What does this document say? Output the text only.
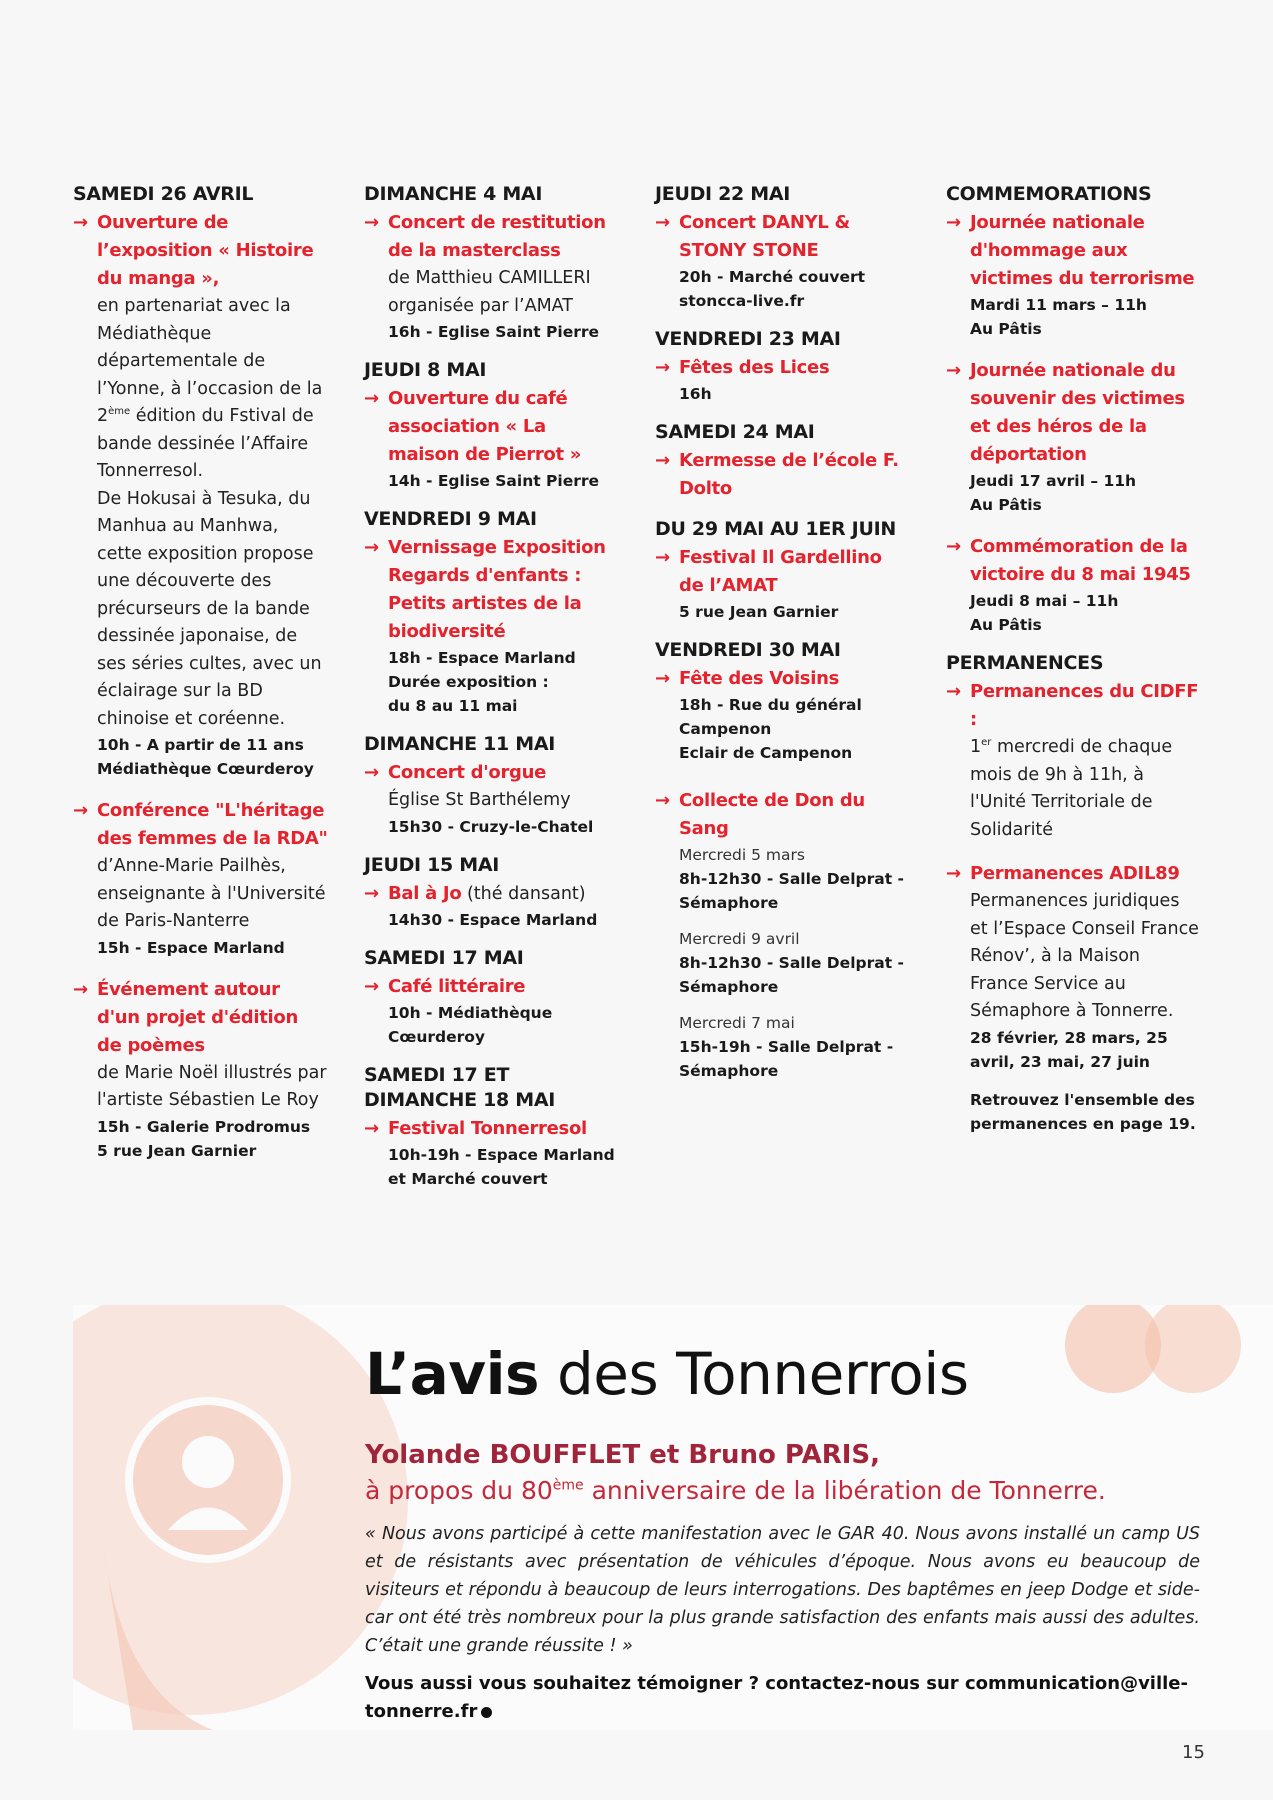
SAMEDI 26 AVRIL
→ Ouverture de l’exposition « Histoire du manga »,
en partenariat avec la Médiathèque départementale de l’Yonne, à l’occasion de la 2ème édition du Fstival de bande dessinée l’Affaire Tonnerresol.
De Hokusai à Tesuka, du Manhua au Manhwa, cette exposition propose une découverte des précurseurs de la bande dessinée japonaise, de ses séries cultes, avec un éclairage sur la BD chinoise et coréenne.
10h - A partir de 11 ans
Médiathèque Cœurderoy
→ Conférence "L'héritage des femmes de la RDA"
d’Anne-Marie Pailhès, enseignante à l'Université de Paris-Nanterre
15h - Espace Marland
→ Événement autour d'un projet d'édition de poèmes
de Marie Noël illustrés par l'artiste Sébastien Le Roy
15h - Galerie Prodromus
5 rue Jean Garnier
DIMANCHE 4 MAI
→ Concert de restitution de la masterclass
de Matthieu CAMILLERI organisée par l’AMAT
16h - Eglise Saint Pierre
JEUDI 8 MAI
→ Ouverture du café association « La maison de Pierrot »
14h - Eglise Saint Pierre
VENDREDI 9 MAI
→ Vernissage Exposition Regards d'enfants : Petits artistes de la biodiversité
18h - Espace Marland
Durée exposition :
du 8 au 11 mai
DIMANCHE 11 MAI
→ Concert d'orgue
Église St Barthélemy
15h30 - Cruzy-le-Chatel
JEUDI 15 MAI
→ Bal à Jo (thé dansant)
14h30 - Espace Marland
SAMEDI 17 MAI
→ Café littéraire
10h - Médiathèque
Cœurderoy
SAMEDI 17 ET DIMANCHE 18 MAI
→ Festival Tonnerresol
10h-19h - Espace Marland
et Marché couvert
JEUDI 22 MAI
→ Concert DANYL & STONY STONE
20h - Marché couvert
stoncca-live.fr
VENDREDI 23 MAI
→ Fêtes des Lices
16h
SAMEDI 24 MAI
→ Kermesse de l’école F. Dolto
DU 29 MAI AU 1ER JUIN
→ Festival Il Gardellino de l’AMAT
5 rue Jean Garnier
VENDREDI 30 MAI
→ Fête des Voisins
18h - Rue du général Campenon
Eclair de Campenon
→ Collecte de Don du Sang
Mercredi 5 mars
8h-12h30 - Salle Delprat - Sémaphore
Mercredi 9 avril
8h-12h30 - Salle Delprat - Sémaphore
Mercredi 7 mai
15h-19h - Salle Delprat - Sémaphore
COMMEMORATIONS
→ Journée nationale d'hommage aux victimes du terrorisme
Mardi 11 mars – 11h
Au Pâtis
→ Journée nationale du souvenir des victimes et des héros de la déportation
Jeudi 17 avril – 11h
Au Pâtis
→ Commémoration de la victoire du 8 mai 1945
Jeudi 8 mai – 11h
Au Pâtis
PERMANENCES
→ Permanences du CIDFF :
1er mercredi de chaque mois de 9h à 11h, à l'Unité Territoriale de Solidarité
→ Permanences ADIL89
Permanences juridiques et l’Espace Conseil France Rénov’, à la Maison France Service au Sémaphore à Tonnerre.
28 février, 28 mars, 25 avril, 23 mai, 27 juin
Retrouvez l'ensemble des permanences en page 19.
L’avis des Tonnerrois
Yolande BOUFFLET et Bruno PARIS,
à propos du 80ème anniversaire de la libération de Tonnerre.
« Nous avons participé à cette manifestation avec le GAR 40. Nous avons installé un camp US et de résistants avec présentation de véhicules d’époque. Nous avons eu beaucoup de visiteurs et répondu à beaucoup de leurs interrogations. Des baptêmes en jeep Dodge et side-car ont été très nombreux pour la plus grande satisfaction des enfants mais aussi des adultes. C’était une grande réussite ! »
Vous aussi vous souhaitez témoigner ? contactez-nous sur communication@ville-tonnerre.fr
15
